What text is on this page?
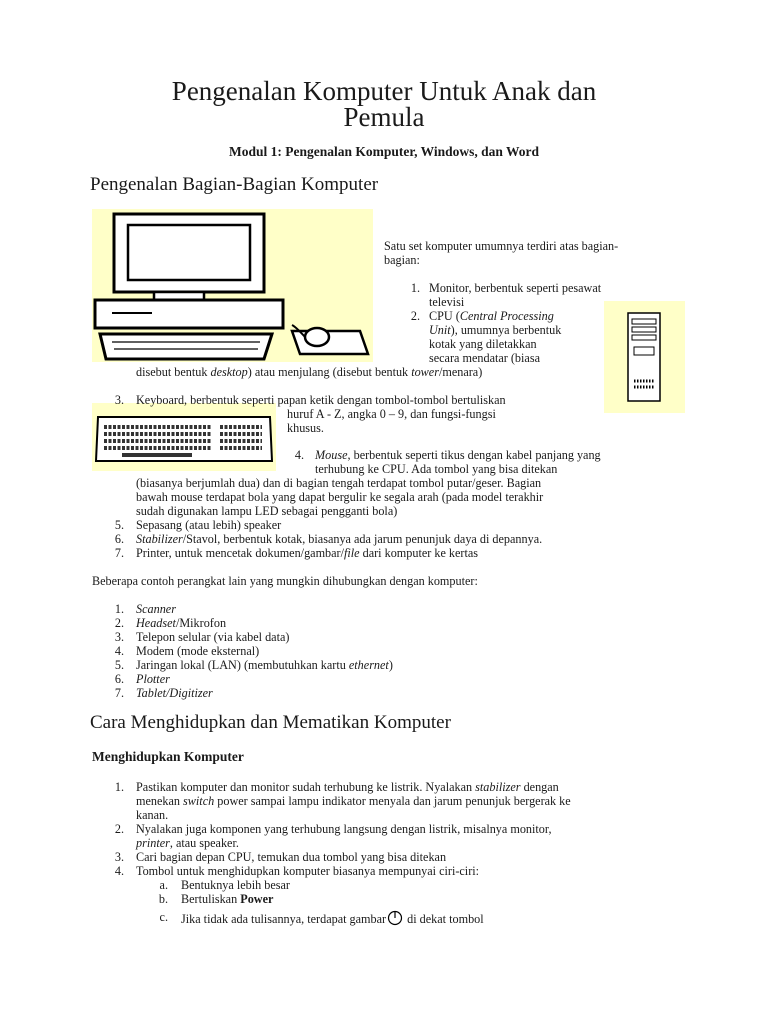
Pengenalan Komputer Untuk Anak dan
Pemula
Modul 1: Pengenalan Komputer, Windows, dan Word
Pengenalan Bagian-Bagian Komputer
Satu set komputer umumnya terdiri atas bagian-
bagian:
1. Monitor, berbentuk seperti pesawat
televisi
2. CPU (Central Processing
Unit), umumnya berbentuk
kotak yang diletakkan
secara mendatar (biasa
disebut bentuk desktop) atau menjulang (disebut bentuk tower/menara)
3. Keyboard, berbentuk seperti papan ketik dengan tombol-tombol bertuliskan
huruf A - Z, angka 0 – 9, dan fungsi-fungsi
khusus.
4. Mouse, berbentuk seperti tikus dengan kabel panjang yang
terhubung ke CPU. Ada tombol yang bisa ditekan
(biasanya berjumlah dua) dan di bagian tengah terdapat tombol putar/geser. Bagian
bawah mouse terdapat bola yang dapat bergulir ke segala arah (pada model terakhir
sudah digunakan lampu LED sebagai pengganti bola)
5. Sepasang (atau lebih) speaker
6. Stabilizer/Stavol, berbentuk kotak, biasanya ada jarum penunjuk daya di depannya.
7. Printer, untuk mencetak dokumen/gambar/file dari komputer ke kertas
Beberapa contoh perangkat lain yang mungkin dihubungkan dengan komputer:
1. Scanner
2. Headset/Mikrofon
3. Telepon selular (via kabel data)
4. Modem (mode eksternal)
5. Jaringan lokal (LAN) (membutuhkan kartu ethernet)
6. Plotter
7. Tablet/Digitizer
Cara Menghidupkan dan Mematikan Komputer
Menghidupkan Komputer
1. Pastikan komputer dan monitor sudah terhubung ke listrik. Nyalakan stabilizer dengan
menekan switch power sampai lampu indikator menyala dan jarum penunjuk bergerak ke
kanan.
2. Nyalakan juga komponen yang terhubung langsung dengan listrik, misalnya monitor,
printer, atau speaker.
3. Cari bagian depan CPU, temukan dua tombol yang bisa ditekan
4. Tombol untuk menghidupkan komputer biasanya mempunyai ciri-ciri:
a. Bentuknya lebih besar
b. Bertuliskan Power
c. Jika tidak ada tulisannya, terdapat gambar di dekat tombol
